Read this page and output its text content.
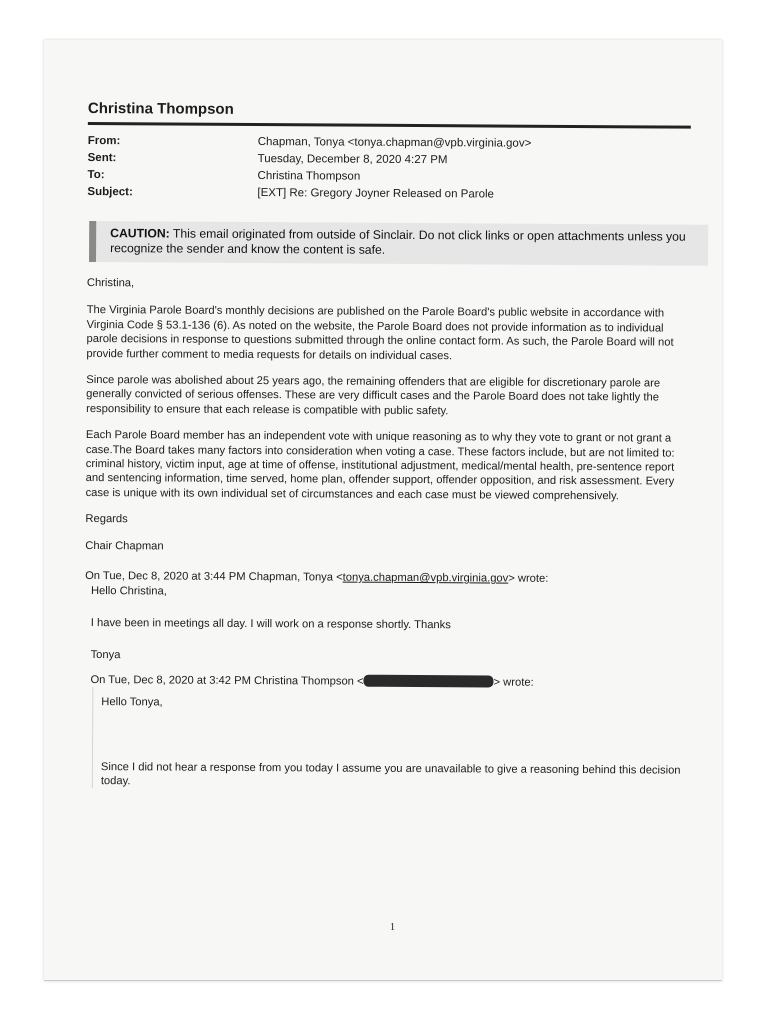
Christina Thompson
From:	Chapman, Tonya <tonya.chapman@vpb.virginia.gov>
Sent:	Tuesday, December 8, 2020 4:27 PM
To:	Christina Thompson
Subject:	[EXT] Re: Gregory Joyner Released on Parole
CAUTION: This email originated from outside of Sinclair. Do not click links or open attachments unless you recognize the sender and know the content is safe.

Christina,

The Virginia Parole Board's monthly decisions are published on the Parole Board's public website in accordance with Virginia Code § 53.1-136 (6). As noted on the website, the Parole Board does not provide information as to individual parole decisions in response to questions submitted through the online contact form. As such, the Parole Board will not provide further comment to media requests for details on individual cases.

Since parole was abolished about 25 years ago, the remaining offenders that are eligible for discretionary parole are generally convicted of serious offenses. These are very difficult cases and the Parole Board does not take lightly the responsibility to ensure that each release is compatible with public safety.

Each Parole Board member has an independent vote with unique reasoning as to why they vote to grant or not grant a case.The Board takes many factors into consideration when voting a case. These factors include, but are not limited to: criminal history, victim input, age at time of offense, institutional adjustment, medical/mental health, pre-sentence report and sentencing information, time served, home plan, offender support, offender opposition, and risk assessment. Every case is unique with its own individual set of circumstances and each case must be viewed comprehensively.

Regards

Chair Chapman

On Tue, Dec 8, 2020 at 3:44 PM Chapman, Tonya <tonya.chapman@vpb.virginia.gov> wrote:

Hello Christina,

I have been in meetings all day. I will work on a response shortly. Thanks

Tonya

On Tue, Dec 8, 2020 at 3:42 PM Christina Thompson <	> wrote:

Hello Tonya,

Since I did not hear a response from you today I assume you are unavailable to give a reasoning behind this decision today.

1
